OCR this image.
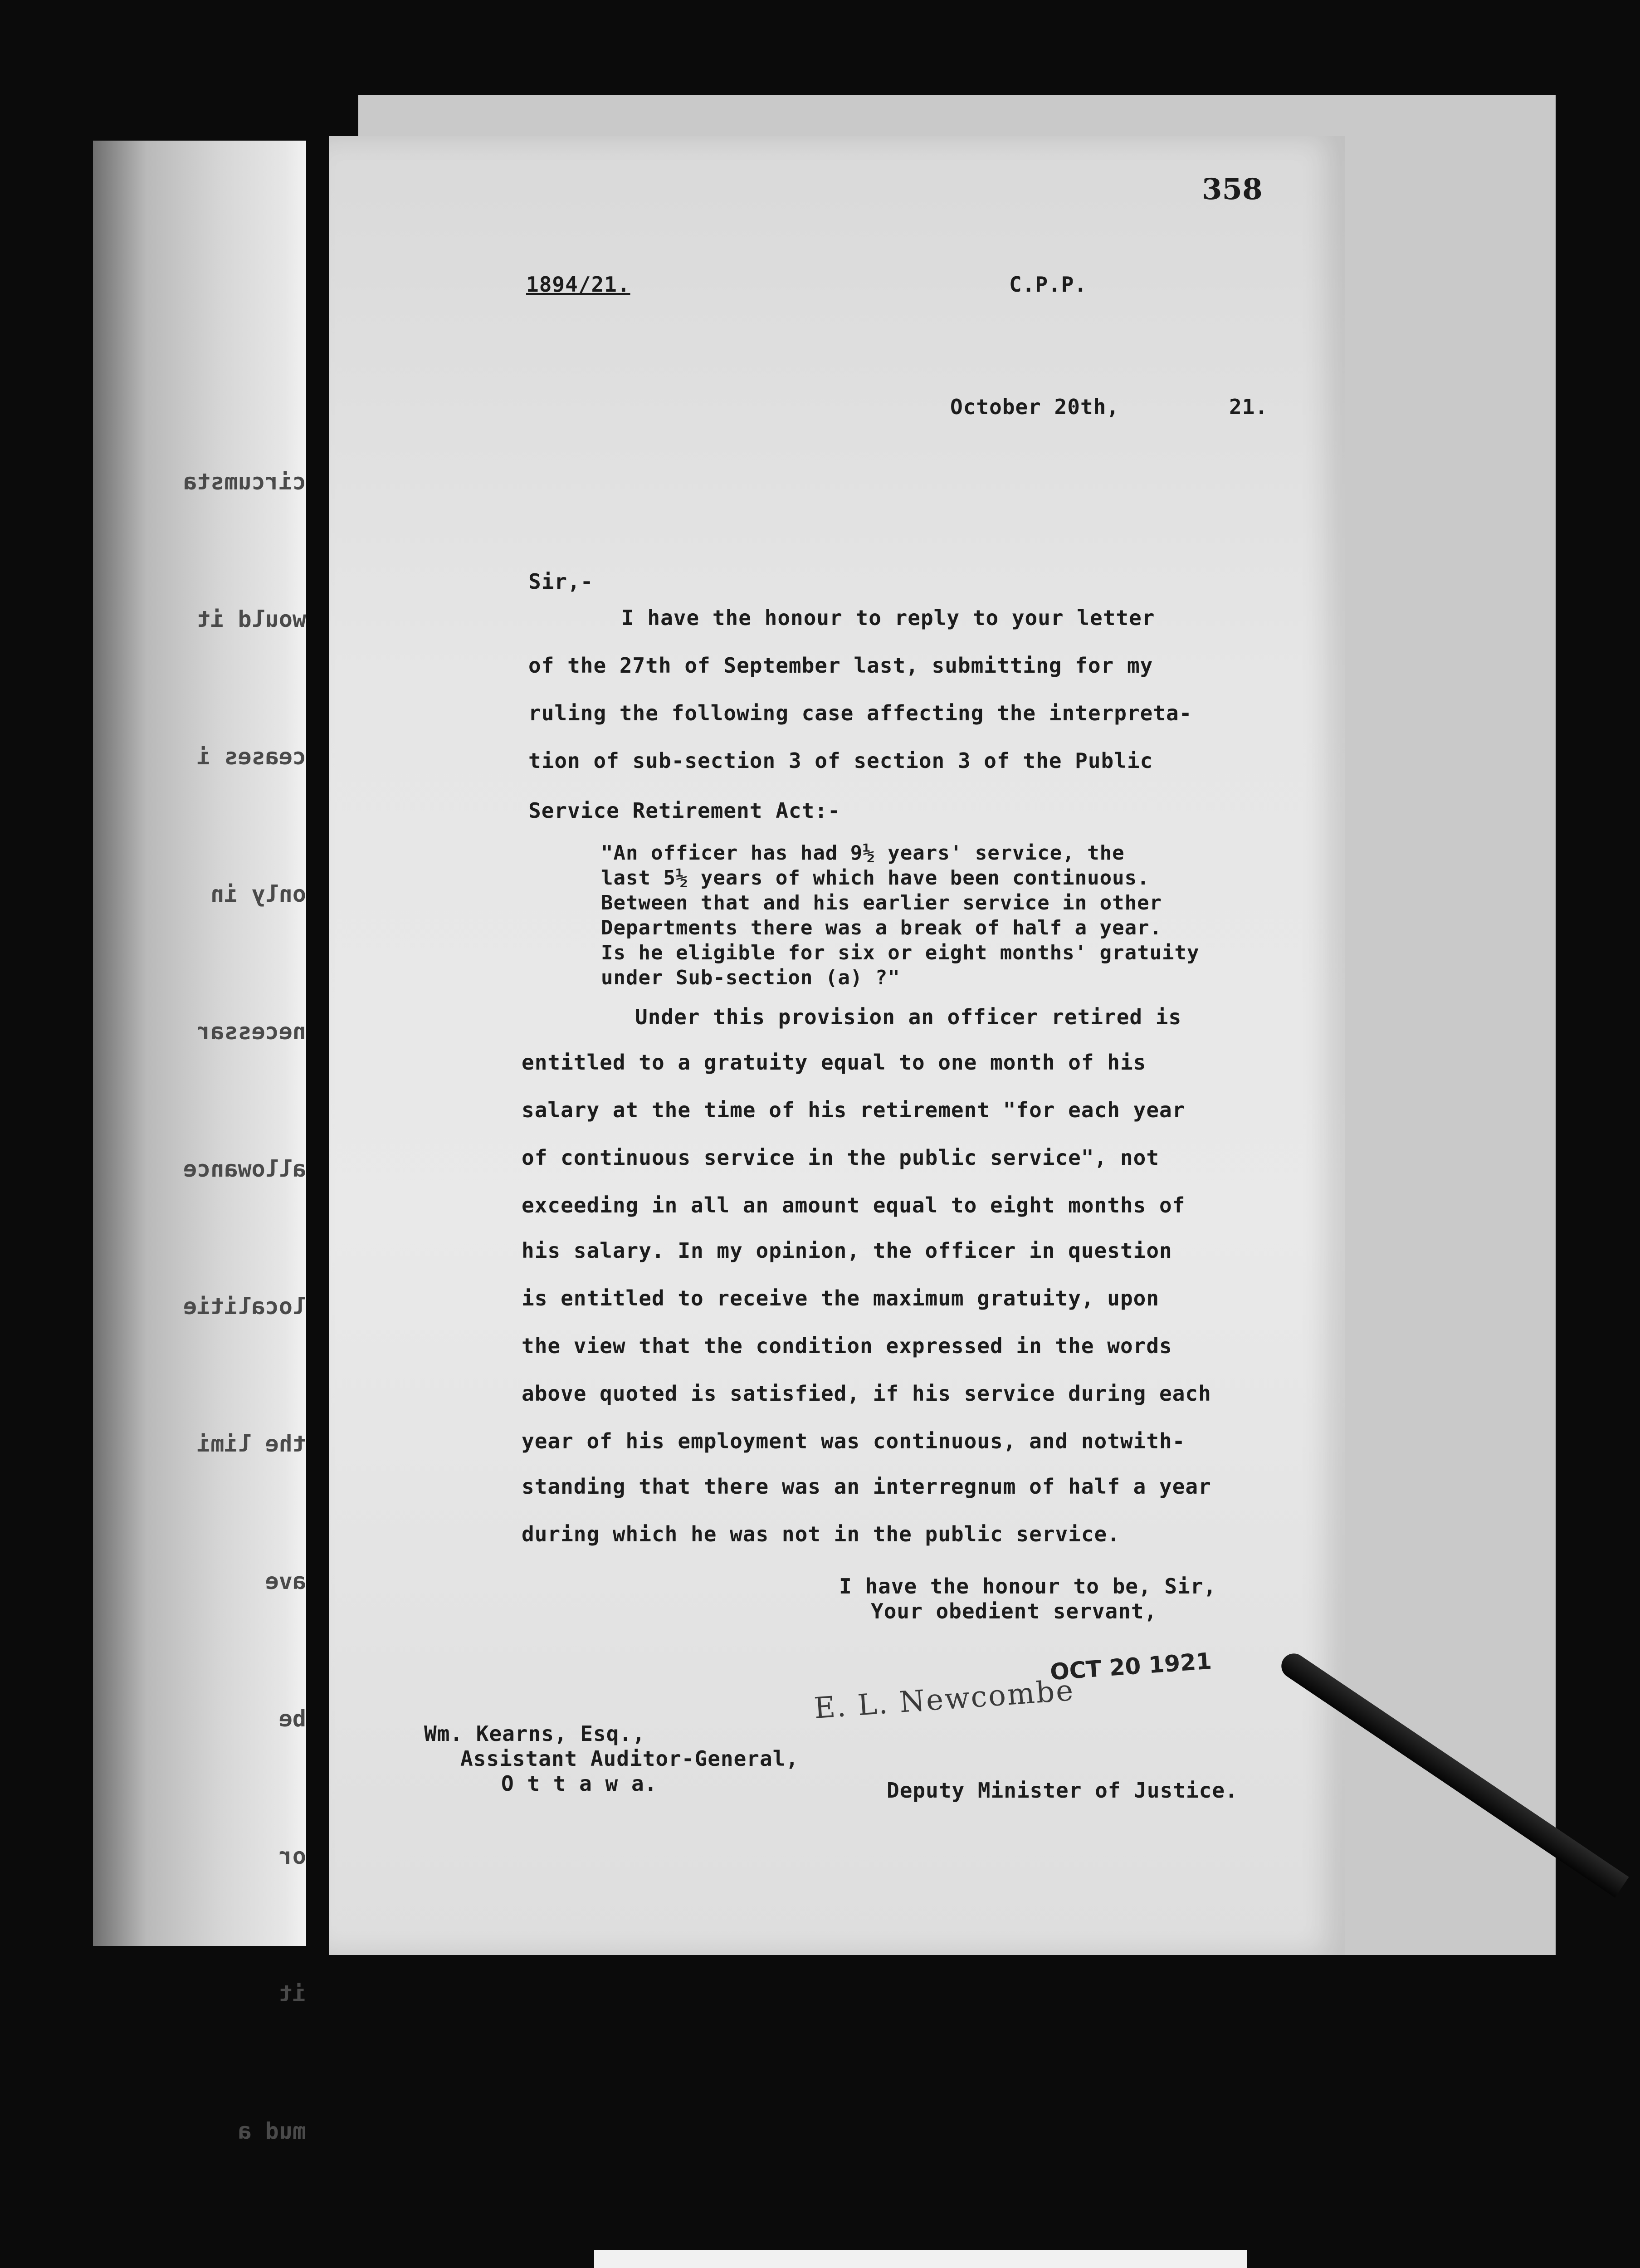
circumsta

would it

ceases i

only in

necessar

allowance

localitie

the limi

ave

be

or

it

mud a

358
1894/21.	C.P.P.
October 20th,	21.
Sir,-
I have the honour to reply to your letter
of the 27th of September last, submitting for my
ruling the following case affecting the interpreta-
tion of sub-section 3 of section 3 of the Public
Service Retirement Act:-
"An officer has had 9½ years' service, the
last 5½ years of which have been continuous.
Between that and his earlier service in other
Departments there was a break of half a year.
Is he eligible for six or eight months' gratuity
under Sub-section (a) ?"
Under this provision an officer retired is
entitled to a gratuity equal to one month of his
salary at the time of his retirement "for each year
of continuous service in the public service", not
exceeding in all an amount equal to eight months of
his salary. In my opinion, the officer in question
is entitled to receive the maximum gratuity, upon
the view that the condition expressed in the words
above quoted is satisfied, if his service during each
year of his employment was continuous, and notwith-
standing that there was an interregnum of half a year
during which he was not in the public service.
I have the honour to be, Sir,
Your obedient servant,
E. L. Newcombe
OCT 20 1921
Wm. Kearns, Esq.,
Assistant Auditor-General,
O t t a w a.	Deputy Minister of Justice.
